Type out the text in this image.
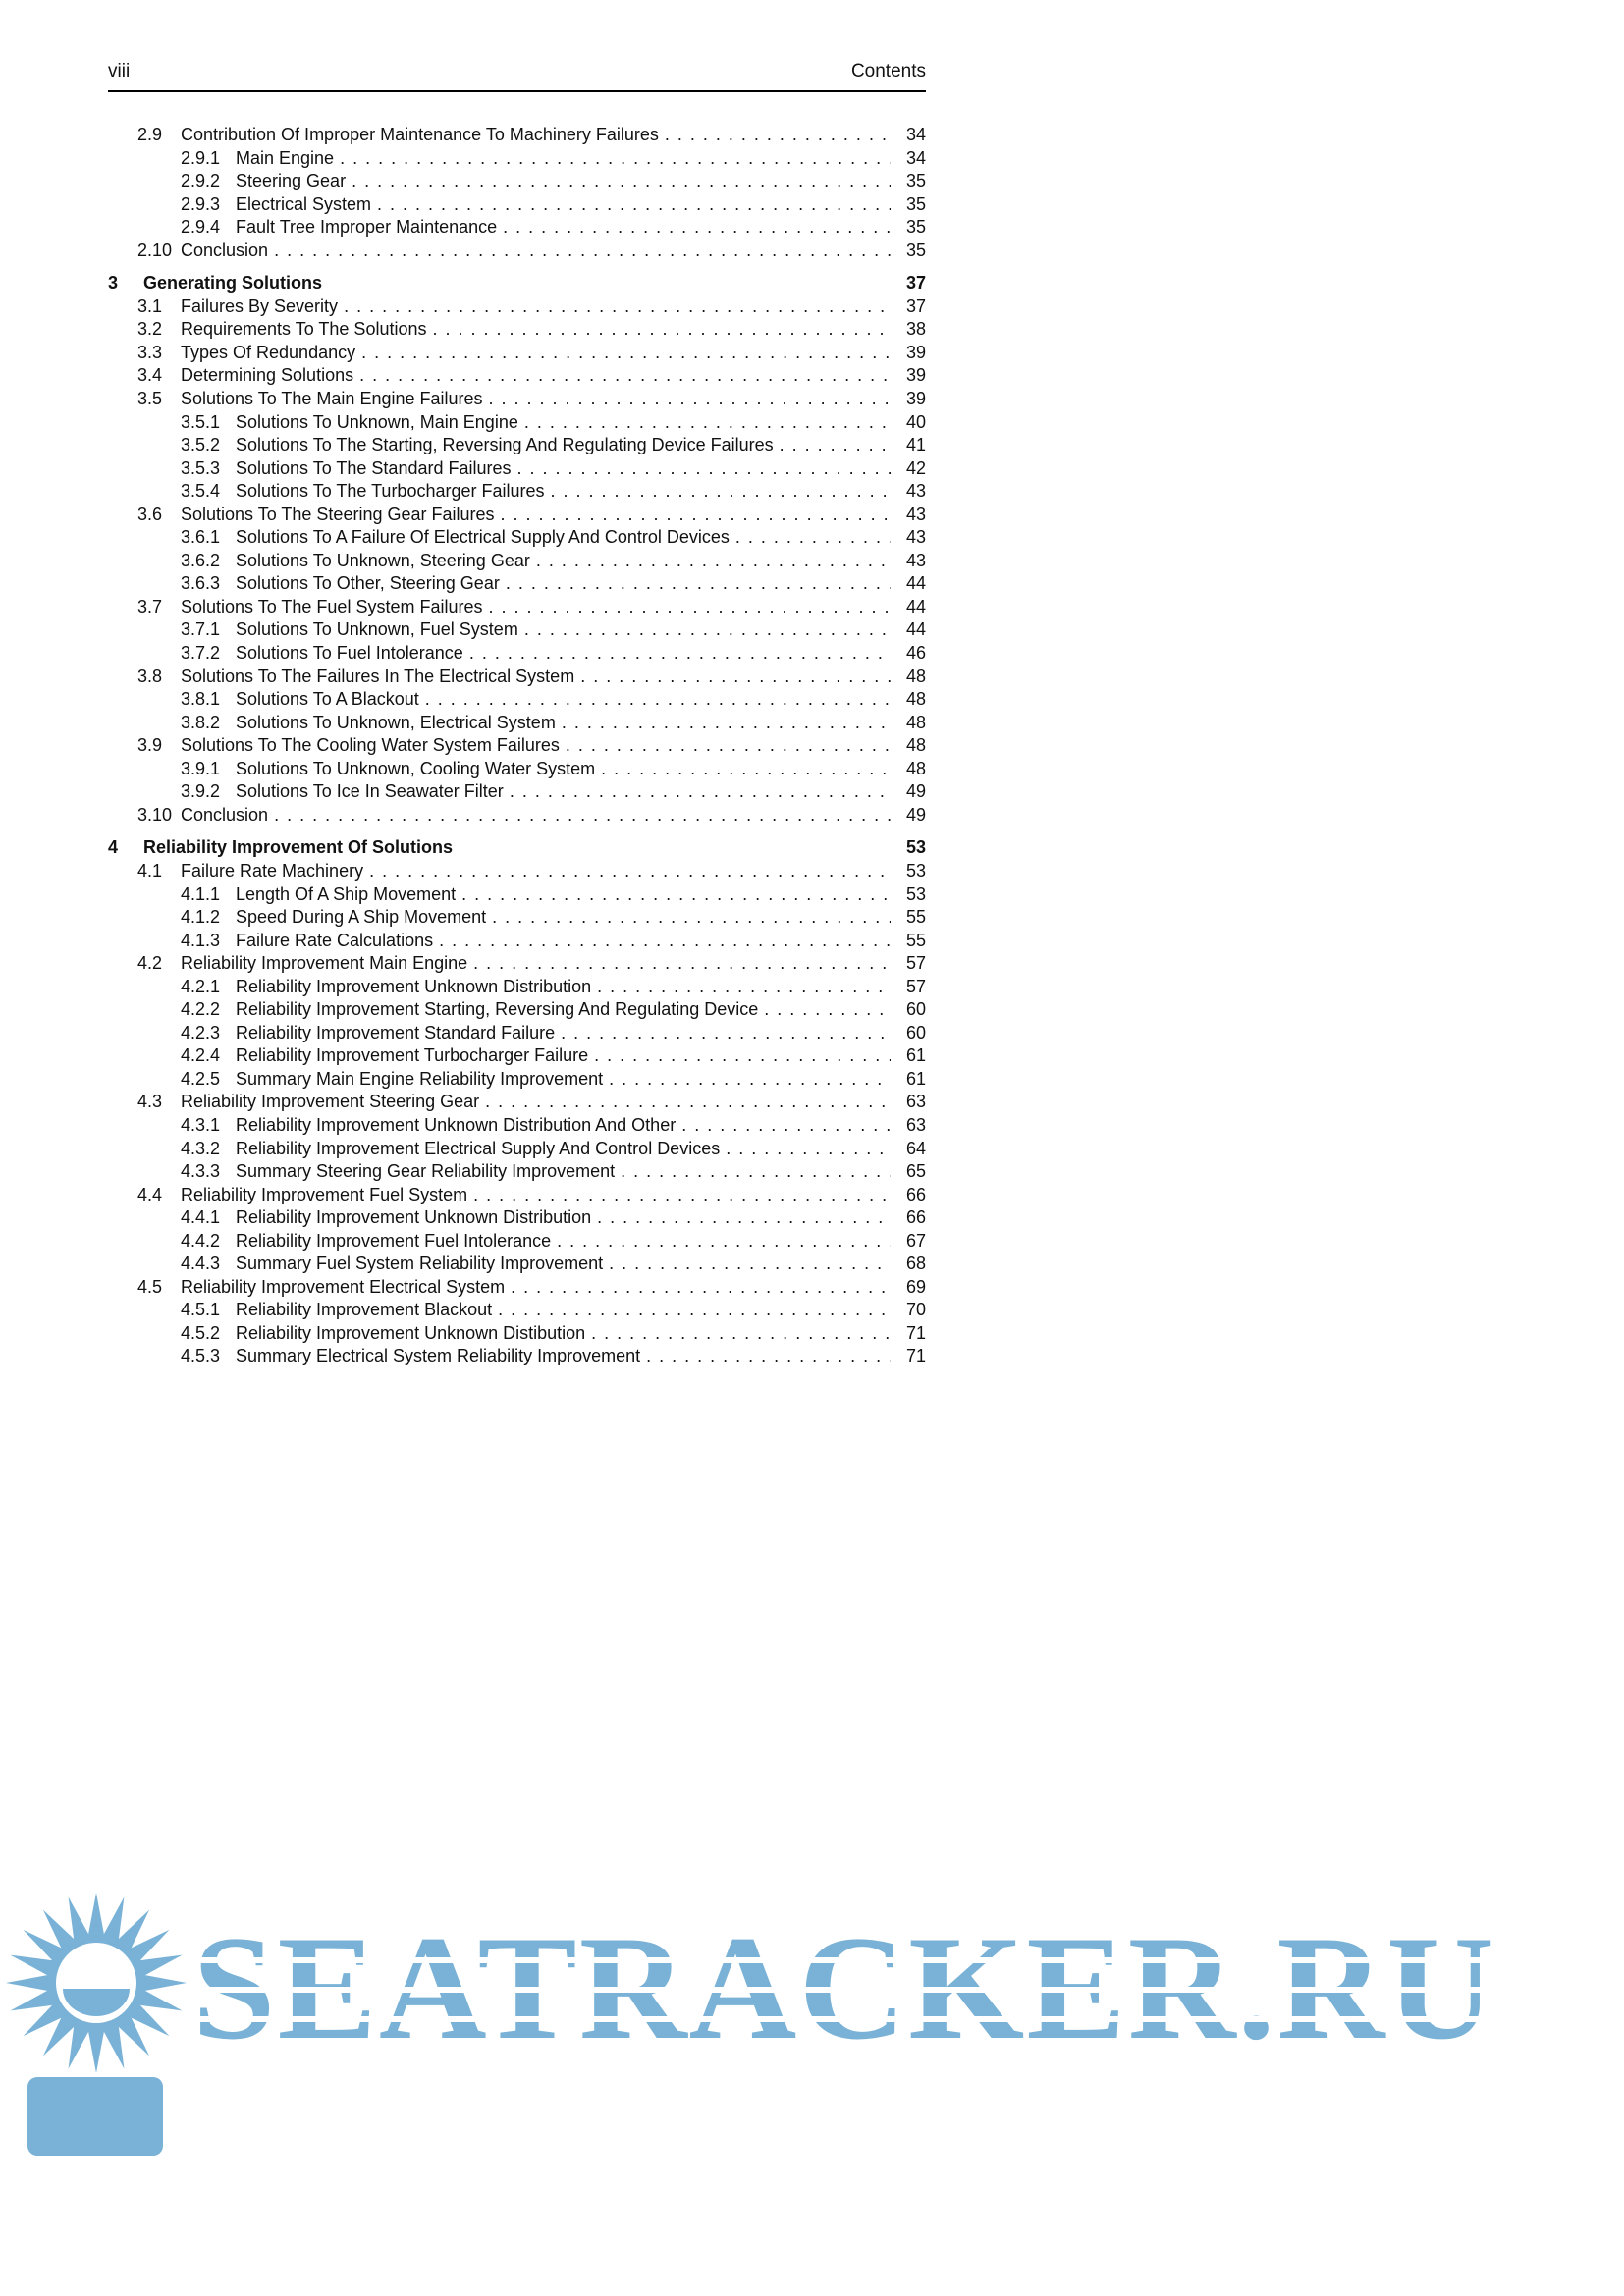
viii	Contents
2.9	Contribution Of Improper Maintenance To Machinery Failures . . .	34
2.9.1 Main Engine . . .	34
2.9.2 Steering Gear . . .	35
2.9.3 Electrical System . . .	35
2.9.4 Fault Tree Improper Maintenance . . .	35
2.10 Conclusion . . .	35
3	Generating Solutions	37
3.1	Failures By Severity . . .	37
3.2	Requirements To The Solutions . . .	38
3.3	Types Of Redundancy . . .	39
3.4	Determining Solutions . . .	39
3.5	Solutions To The Main Engine Failures . . .	39
3.5.1 Solutions To Unknown, Main Engine . . .	40
3.5.2 Solutions To The Starting, Reversing And Regulating Device Failures . . .	41
3.5.3 Solutions To The Standard Failures . . .	42
3.5.4 Solutions To The Turbocharger Failures . . .	43
3.6	Solutions To The Steering Gear Failures . . .	43
3.6.1 Solutions To A Failure Of Electrical Supply And Control Devices . . .	43
3.6.2 Solutions To Unknown, Steering Gear . . .	43
3.6.3 Solutions To Other, Steering Gear . . .	44
3.7	Solutions To The Fuel System Failures . . .	44
3.7.1 Solutions To Unknown, Fuel System . . .	44
3.7.2 Solutions To Fuel Intolerance . . .	46
3.8	Solutions To The Failures In The Electrical System . . .	48
3.8.1 Solutions To A Blackout . . .	48
3.8.2 Solutions To Unknown, Electrical System . . .	48
3.9	Solutions To The Cooling Water System Failures . . .	48
3.9.1 Solutions To Unknown, Cooling Water System . . .	48
3.9.2 Solutions To Ice In Seawater Filter . . .	49
3.10 Conclusion . . .	49
4	Reliability Improvement Of Solutions	53
4.1	Failure Rate Machinery . . .	53
4.1.1 Length Of A Ship Movement . . .	53
4.1.2 Speed During A Ship Movement . . .	55
4.1.3 Failure Rate Calculations . . .	55
4.2	Reliability Improvement Main Engine . . .	57
4.2.1 Reliability Improvement Unknown Distribution . . .	57
4.2.2 Reliability Improvement Starting, Reversing And Regulating Device . . .	60
4.2.3 Reliability Improvement Standard Failure . . .	60
4.2.4 Reliability Improvement Turbocharger Failure . . .	61
4.2.5 Summary Main Engine Reliability Improvement . . .	61
4.3	Reliability Improvement Steering Gear . . .	63
4.3.1 Reliability Improvement Unknown Distribution And Other . . .	63
4.3.2 Reliability Improvement Electrical Supply And Control Devices . . .	64
4.3.3 Summary Steering Gear Reliability Improvement . . .	65
4.4	Reliability Improvement Fuel System . . .	66
4.4.1 Reliability Improvement Unknown Distribution . . .	66
4.4.2 Reliability Improvement Fuel Intolerance . . .	67
4.4.3 Summary Fuel System Reliability Improvement . . .	68
4.5	Reliability Improvement Electrical System . . .	69
4.5.1 Reliability Improvement Blackout . . .	70
4.5.2 Reliability Improvement Unknown Distibution . . .	71
4.5.3 Summary Electrical System Reliability Improvement . . .	71
SEATRACKER.RU
